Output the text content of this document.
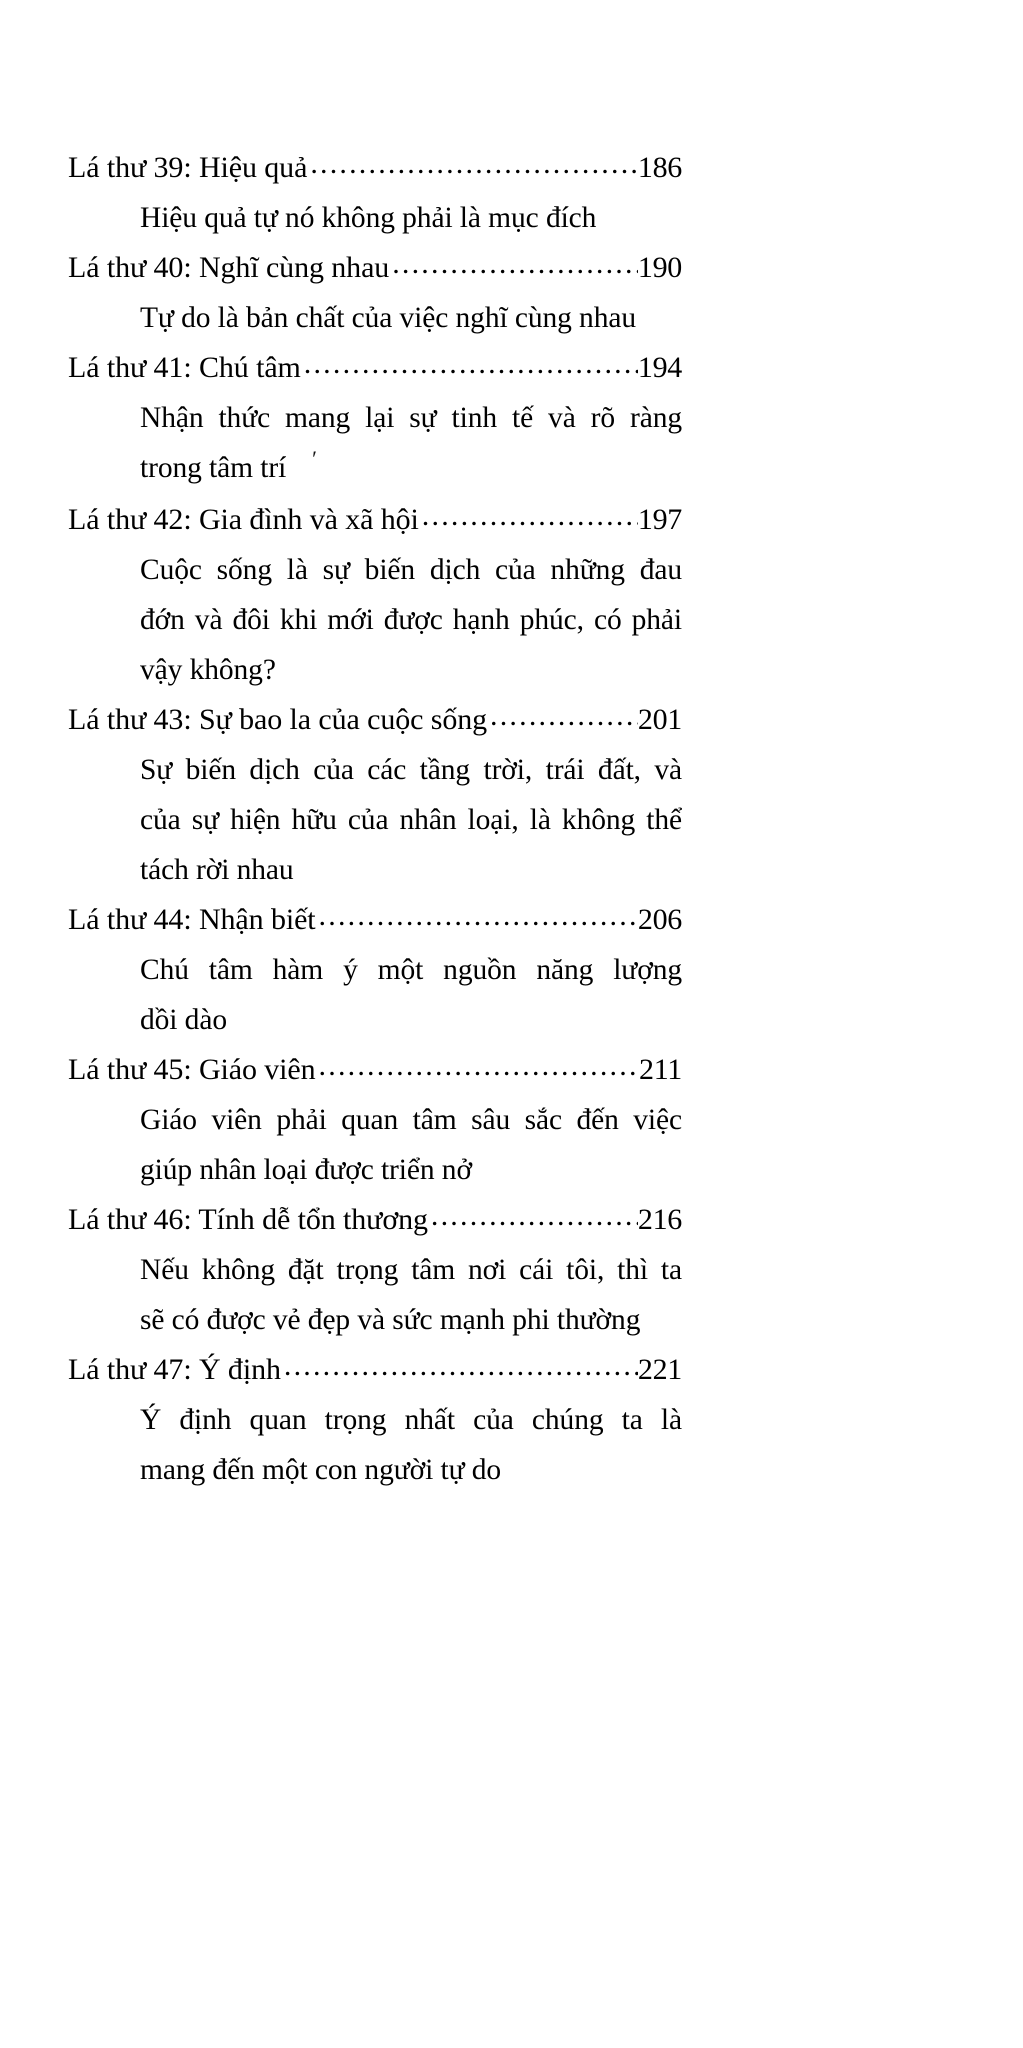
Lá thư 39: Hiệu quả .....	186
Hiệu quả tự nó không phải là mục đích
Lá thư 40: Nghĩ cùng nhau .....	190
Tự do là bản chất của việc nghĩ cùng nhau
Lá thư 41: Chú tâm .....	194
Nhận thức mang lại sự tinh tế và rõ ràng
trong tâm trí ′
Lá thư 42: Gia đình và xã hội .....	197
Cuộc sống là sự biến dịch của những đau
đớn và đôi khi mới được hạnh phúc, có phải
vậy không?
Lá thư 43: Sự bao la của cuộc sống .....	201
Sự biến dịch của các tầng trời, trái đất, và
của sự hiện hữu của nhân loại, là không thể
tách rời nhau
Lá thư 44: Nhận biết .....	206
Chú tâm hàm ý một nguồn năng lượng
dồi dào
Lá thư 45: Giáo viên .....	211
Giáo viên phải quan tâm sâu sắc đến việc
giúp nhân loại được triển nở
Lá thư 46: Tính dễ tổn thương .....	216
Nếu không đặt trọng tâm nơi cái tôi, thì ta
sẽ có được vẻ đẹp và sức mạnh phi thường
Lá thư 47: Ý định .....	221
Ý định quan trọng nhất của chúng ta là
mang đến một con người tự do
